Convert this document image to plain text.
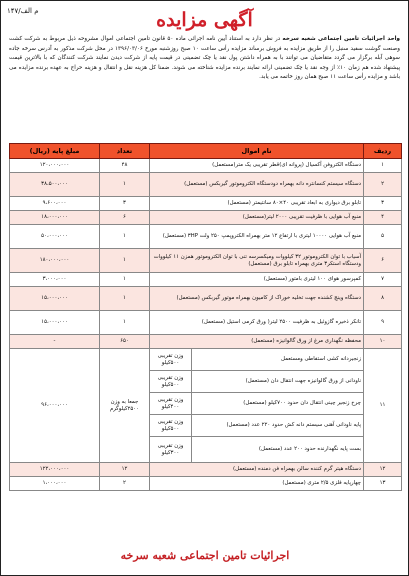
۱۴۷/م الف	آگهی مزایده
واحد اجرائیات تامین اجتماعی شعبه سرخه در نظر دارد به استناد آیین نامه اجرائی ماده ۵۰ قانون تامین اجتماعی اموال مشروحه ذیل مربوط به شرکت کشت وصنعت گوشت سفید سنبل را از طریق مزایده به فروش برساند مزایده رأس ساعت ۱۰ صبح روزشنبه مورخ ۱۳۹۶/۰۳/۰۶ در محل شرکت مذکور به آدرس سرخه جاده سوهی آبله برگزار می گردد متقاضیان می توانند با به همراه داشتن پول نقد یا چک تضمینی در قیمت پایه از شرکت دیدن نمایند شرکت کنندگان که با بالاترین قیمت پیشنهاد شده هم زمان ۱۰٪ از وجه نقد یا چک تضمینی ارائه نمایند برنده مزایده شناخته می شوند. ضمنا کل هزینه نقل و انتقال و هزینه حراج به عهده برنده مزایده می باشد و مزایده رأس ساعت ۱۱ صبح همان روز خاتمه می یابد.
ردیف	نام اموال		تعداد	مبلغ پایه (ریال)
۱	دستگاه الکتروفن آکسیال (پروانه ای)قطر تقریبی یک متر(مستعمل)		۴۸	۱۲۰،۰۰۰،۰۰۰
۲	دستگاه سیستم کنسانتره دانه بهمراه دودستگاه الکتروموتور گیربکس (مستعمل)		۱	۳۸،۵۰۰،۰۰۰
۳	تابلو برق دیواری به ابعاد تقریبی ۴۰×۸۰ سانتیمتر (مستعمل)		۳	۹،۶۰۰،۰۰۰
۴	منبع آب هوایی با ظرفیت تقریبی ۲۰۰۰ لیتر(مستعمل)		۶	۱۸،۰۰۰،۰۰۰
۵	منبع آب هوایی ۱۰۰۰۰ لیتری با ارتفاع ۱۲ متر بهمراه الکتروپمپ ۲۵۰ ولت ۳HP (مستعمل)		۱	۵۰،۰۰۰،۰۰۰
۶	آسیاب با توان الکتروموتور ۳۲ کیلووات ومیکسرسه تنی با توان الکتروموتور همزن ۱۱ کیلووات ودستگاه استکر۳ متری بهمراه تابلو برق (مستعمل)		۱	۱۸۰،۰۰۰،۰۰۰
۷	کمپرسور هوای ۱۰۰ لیتری بامتور (مستعمل)		۱	۳،۰۰۰،۰۰۰
۸	دستگاه وینچ کشنده جهت تخلیه خوراک از کامیون بهمراه موتور گیربکس (مستعمل)		۱	۱۵،۰۰۰،۰۰۰
۹	تانکر ذخیره گازوئیل به ظرفیت ۲۵۰۰ لیتر( ورق کرمی استیل (مستعمل)		۱	۱۵،۰۰۰،۰۰۰
۱۰	محفظه نگهداری مرغ از ورق گالوانیزه (مستعمل)		۶۵۰	-
۱۱	زنجیردانه کشی استفاطی ومستعمل	وزن تقریبی ۵۰۰کیلو	جمعا به وزن ۲۵۰۰کیلوگرم	۹۶،۰۰۰،۰۰۰
	ناودانی از ورق گالوانیزه جهت انتقال دان (مستعمل)	وزن تقریبی ۵۰۰کیلو		
	چرخ زنجیر چینی انتقال دان حدود ۷۰۰کیلو (مستعمل)	وزن تقریبی ۴۰۰کیلو		
	پایه ناودانی آهنی سیستم دانه کش حدود ۲۲۰ عدد (مستعمل)	وزن تقریبی ۵۰۰کیلو		
	بست پایه نگهدارنده حدود ۲۰۰ عدد (مستعمل)	وزن تقریبی ۳۰۰کیلو		
۱۲	دستگاه هیتر گرم کننده سالن بهمراه فن دمنده (مستعمل)		۱۲	۱۲۲،۰۰۰،۰۰۰
۱۳	چهارپایه فلزی ۲/۵ متری (مستعمل)		۲	۱،۰۰۰،۰۰۰
اجرائیات تامین اجتماعی شعبه سرخه
